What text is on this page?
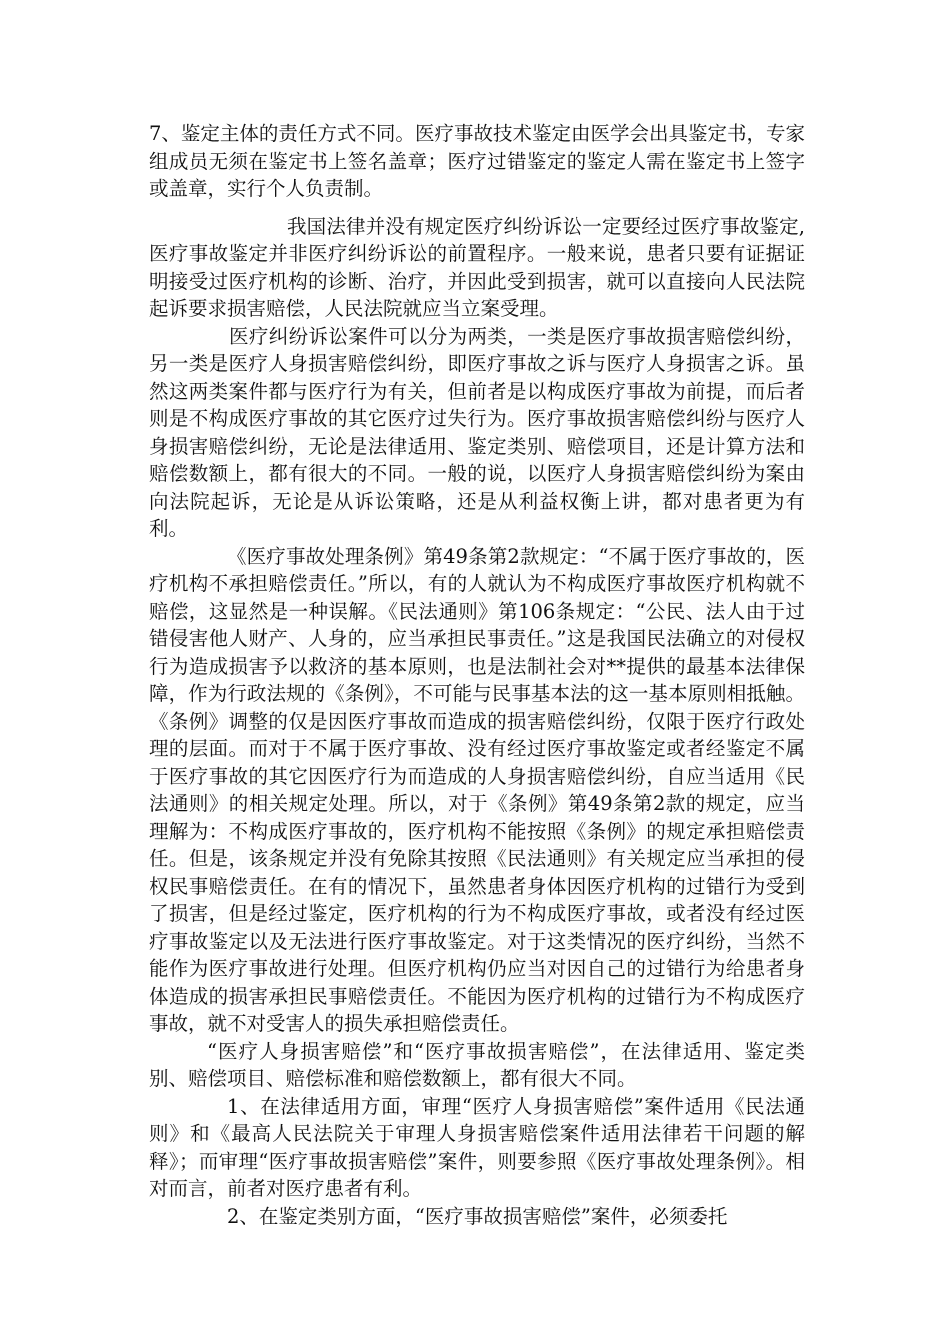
7、鉴定主体的责任方式不同。医疗事故技术鉴定由医学会出具鉴定书，专家组成员无须在鉴定书上签名盖章；医疗过错鉴定的鉴定人需在鉴定书上签字或盖章，实行个人负责制。

我国法律并没有规定医疗纠纷诉讼一定要经过医疗事故鉴定,医疗事故鉴定并非医疗纠纷诉讼的前置程序。一般来说，患者只要有证据证明接受过医疗机构的诊断、治疗，并因此受到损害，就可以直接向人民法院起诉要求损害赔偿，人民法院就应当立案受理。

医疗纠纷诉讼案件可以分为两类，一类是医疗事故损害赔偿纠纷，另一类是医疗人身损害赔偿纠纷，即医疗事故之诉与医疗人身损害之诉。虽然这两类案件都与医疗行为有关，但前者是以构成医疗事故为前提，而后者则是不构成医疗事故的其它医疗过失行为。医疗事故损害赔偿纠纷与医疗人身损害赔偿纠纷，无论是法律适用、鉴定类别、赔偿项目，还是计算方法和赔偿数额上，都有很大的不同。一般的说，以医疗人身损害赔偿纠纷为案由向法院起诉，无论是从诉讼策略，还是从利益权衡上讲，都对患者更为有利。

《医疗事故处理条例》第49条第2款规定：“不属于医疗事故的，医疗机构不承担赔偿责任。”所以，有的人就认为不构成医疗事故医疗机构就不赔偿，这显然是一种误解。《民法通则》第106条规定：“公民、法人由于过错侵害他人财产、人身的，应当承担民事责任。”这是我国民法确立的对侵权行为造成损害予以救济的基本原则，也是法制社会对**提供的最基本法律保障，作为行政法规的《条例》，不可能与民事基本法的这一基本原则相抵触。《条例》调整的仅是因医疗事故而造成的损害赔偿纠纷，仅限于医疗行政处理的层面。而对于不属于医疗事故、没有经过医疗事故鉴定或者经鉴定不属于医疗事故的其它因医疗行为而造成的人身损害赔偿纠纷，自应当适用《民法通则》的相关规定处理。所以，对于《条例》第49条第2款的规定，应当理解为：不构成医疗事故的，医疗机构不能按照《条例》的规定承担赔偿责任。但是，该条规定并没有免除其按照《民法通则》有关规定应当承担的侵权民事赔偿责任。在有的情况下，虽然患者身体因医疗机构的过错行为受到了损害，但是经过鉴定，医疗机构的行为不构成医疗事故，或者没有经过医疗事故鉴定以及无法进行医疗事故鉴定。对于这类情况的医疗纠纷，当然不能作为医疗事故进行处理。但医疗机构仍应当对因自己的过错行为给患者身体造成的损害承担民事赔偿责任。不能因为医疗机构的过错行为不构成医疗事故，就不对受害人的损失承担赔偿责任。

“医疗人身损害赔偿”和“医疗事故损害赔偿”，在法律适用、鉴定类别、赔偿项目、赔偿标准和赔偿数额上，都有很大不同。

1、在法律适用方面，审理“医疗人身损害赔偿”案件适用《民法通则》和《最高人民法院关于审理人身损害赔偿案件适用法律若干问题的解释》；而审理“医疗事故损害赔偿”案件，则要参照《医疗事故处理条例》。相对而言，前者对医疗患者有利。

2、在鉴定类别方面，“医疗事故损害赔偿”案件，必须委托
